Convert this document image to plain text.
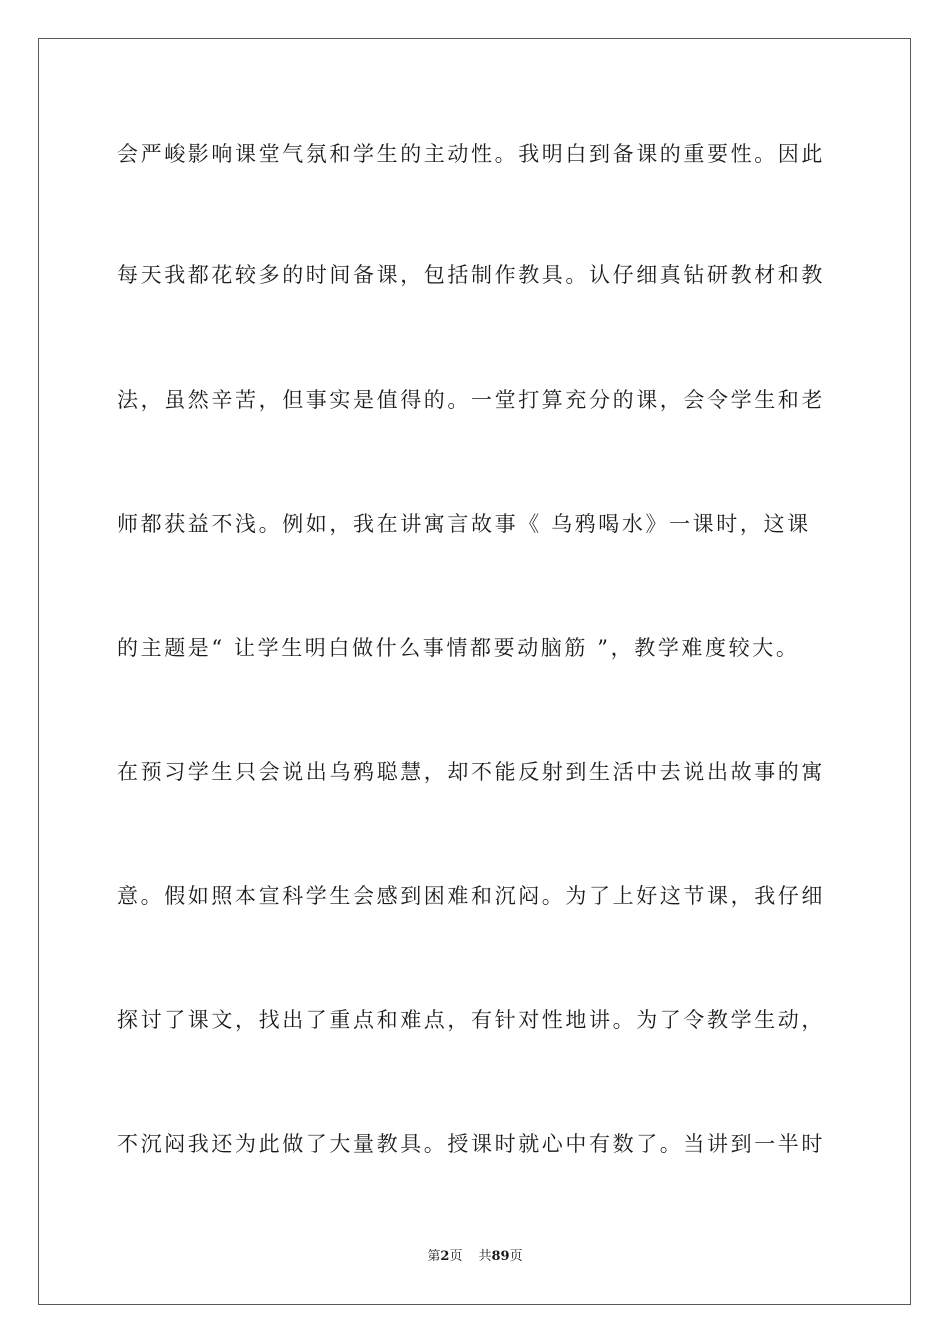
会严峻影响课堂气氛和学生的主动性。我明白到备课的重要性。因此
每天我都花较多的时间备课，包括制作教具。认仔细真钻研教材和教
法，虽然辛苦，但事实是值得的。一堂打算充分的课，会令学生和老
师都获益不浅。例如，我在讲寓言故事《 乌鸦喝水》一课时，这课
的主题是“ 让学生明白做什么事情都要动脑筋 ”，教学难度较大。
在预习学生只会说出乌鸦聪慧，却不能反射到生活中去说出故事的寓
意。假如照本宣科学生会感到困难和沉闷。为了上好这节课，我仔细
探讨了课文，找出了重点和难点，有针对性地讲。为了令教学生动，
不沉闷我还为此做了大量教具。授课时就心中有数了。当讲到一半时
第2页 共89页
